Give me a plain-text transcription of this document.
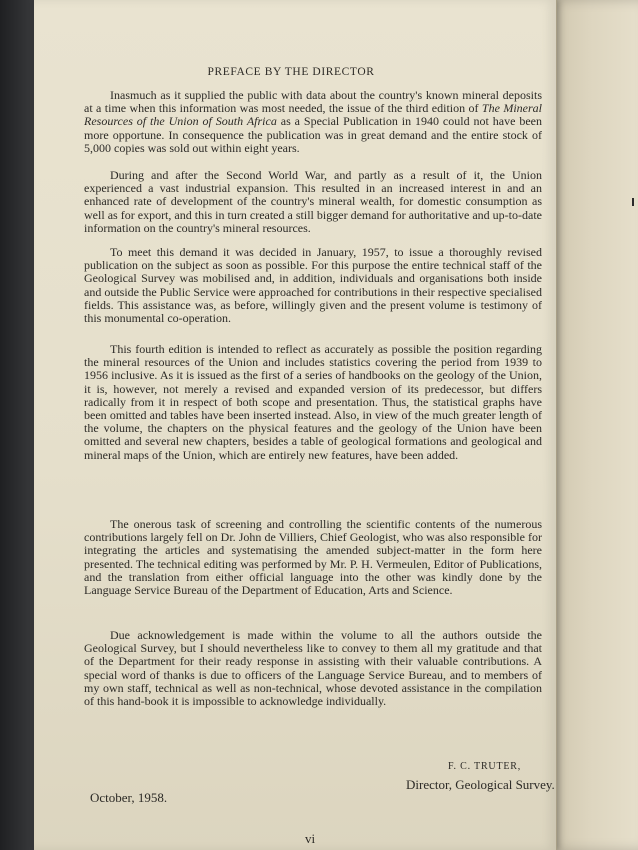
PREFACE BY THE DIRECTOR

Inasmuch as it supplied the public with data about the country's known mineral deposits at a time when this information was most needed, the issue of the third edition of The Mineral Resources of the Union of South Africa as a Special Publication in 1940 could not have been more opportune. In consequence the publication was in great demand and the entire stock of 5,000 copies was sold out within eight years.

During and after the Second World War, and partly as a result of it, the Union experienced a vast industrial expansion. This resulted in an increased interest in and an enhanced rate of development of the country's mineral wealth, for domestic consumption as well as for export, and this in turn created a still bigger demand for authoritative and up-to-date information on the country's mineral resources.

To meet this demand it was decided in January, 1957, to issue a thoroughly revised publication on the subject as soon as possible. For this purpose the entire technical staff of the Geological Survey was mobilised and, in addition, individuals and organisations both inside and outside the Public Service were approached for contributions in their respective specialised fields. This assistance was, as before, willingly given and the present volume is testimony of this monumental co-operation.

This fourth edition is intended to reflect as accurately as possible the position regarding the mineral resources of the Union and includes statistics covering the period from 1939 to 1956 inclusive. As it is issued as the first of a series of handbooks on the geology of the Union, it is, however, not merely a revised and expanded version of its predecessor, but differs radically from it in respect of both scope and presentation. Thus, the statistical graphs have been omitted and tables have been inserted instead. Also, in view of the much greater length of the volume, the chapters on the physical features and the geology of the Union have been omitted and several new chapters, besides a table of geological formations and geological and mineral maps of the Union, which are entirely new features, have been added.

The onerous task of screening and controlling the scientific contents of the numerous contributions largely fell on Dr. John de Villiers, Chief Geologist, who was also responsible for integrating the articles and systematising the amended subject-matter in the form here presented. The technical editing was performed by Mr. P. H. Vermeulen, Editor of Publications, and the translation from either official language into the other was kindly done by the Language Service Bureau of the Department of Education, Arts and Science.

Due acknowledgement is made within the volume to all the authors outside the Geological Survey, but I should nevertheless like to convey to them all my gratitude and that of the Department for their ready response in assisting with their valuable contributions. A special word of thanks is due to officers of the Language Service Bureau, and to members of my own staff, technical as well as non-technical, whose devoted assistance in the compilation of this hand-book it is impossible to acknowledge individually.

F. C. TRUTER,
Director, Geological Survey.
October, 1958.
vi
